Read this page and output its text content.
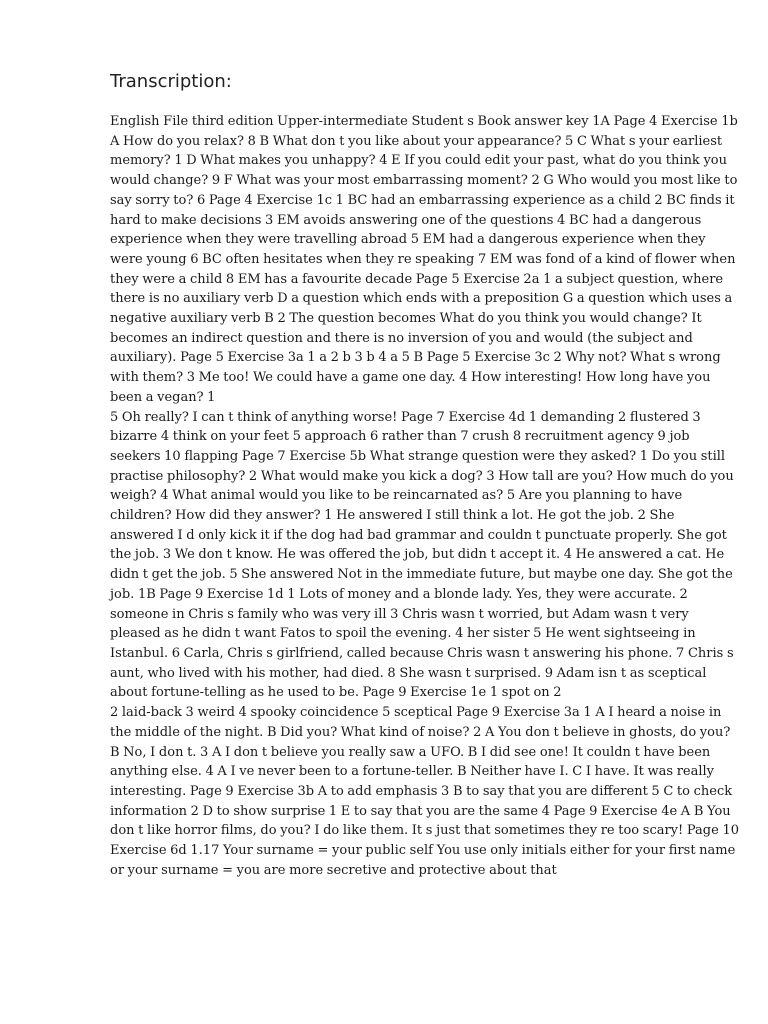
Transcription:

English File third edition Upper-intermediate Student s Book answer key 1A Page 4 Exercise 1b A How do you relax? 8 B What don t you like about your appearance? 5 C What s your earliest memory? 1 D What makes you unhappy? 4 E If you could edit your past, what do you think you would change? 9 F What was your most embarrassing moment? 2 G Who would you most like to say sorry to? 6 Page 4 Exercise 1c 1 BC had an embarrassing experience as a child 2 BC finds it hard to make decisions 3 EM avoids answering one of the questions 4 BC had a dangerous experience when they were travelling abroad 5 EM had a dangerous experience when they were young 6 BC often hesitates when they re speaking 7 EM was fond of a kind of flower when they were a child 8 EM has a favourite decade Page 5 Exercise 2a 1 a subject question, where there is no auxiliary verb D a question which ends with a preposition G a question which uses a negative auxiliary verb B 2 The question becomes What do you think you would change? It becomes an indirect question and there is no inversion of you and would (the subject and auxiliary). Page 5 Exercise 3a 1 a 2 b 3 b 4 a 5 B Page 5 Exercise 3c 2 Why not? What s wrong with them? 3 Me too! We could have a game one day. 4 How interesting! How long have you been a vegan? 1

5 Oh really? I can t think of anything worse! Page 7 Exercise 4d 1 demanding 2 flustered 3 bizarre 4 think on your feet 5 approach 6 rather than 7 crush 8 recruitment agency 9 job seekers 10 flapping Page 7 Exercise 5b What strange question were they asked? 1 Do you still practise philosophy? 2 What would make you kick a dog? 3 How tall are you? How much do you weigh? 4 What animal would you like to be reincarnated as? 5 Are you planning to have children? How did they answer? 1 He answered I still think a lot. He got the job. 2 She answered I d only kick it if the dog had bad grammar and couldn t punctuate properly. She got the job. 3 We don t know. He was offered the job, but didn t accept it. 4 He answered a cat. He didn t get the job. 5 She answered Not in the immediate future, but maybe one day. She got the job. 1B Page 9 Exercise 1d 1 Lots of money and a blonde lady. Yes, they were accurate. 2 someone in Chris s family who was very ill 3 Chris wasn t worried, but Adam wasn t very pleased as he didn t want Fatos to spoil the evening. 4 her sister 5 He went sightseeing in Istanbul. 6 Carla, Chris s girlfriend, called because Chris wasn t answering his phone. 7 Chris s aunt, who lived with his mother, had died. 8 She wasn t surprised. 9 Adam isn t as sceptical about fortune-telling as he used to be. Page 9 Exercise 1e 1 spot on 2

2 laid-back 3 weird 4 spooky coincidence 5 sceptical Page 9 Exercise 3a 1 A I heard a noise in the middle of the night. B Did you? What kind of noise? 2 A You don t believe in ghosts, do you? B No, I don t. 3 A I don t believe you really saw a UFO. B I did see one! It couldn t have been anything else. 4 A I ve never been to a fortune-teller. B Neither have I. C I have. It was really interesting. Page 9 Exercise 3b A to add emphasis 3 B to say that you are different 5 C to check information 2 D to show surprise 1 E to say that you are the same 4 Page 9 Exercise 4e A B You don t like horror films, do you? I do like them. It s just that sometimes they re too scary! Page 10 Exercise 6d 1.17 Your surname = your public self You use only initials either for your first name or your surname = you are more secretive and protective about that
